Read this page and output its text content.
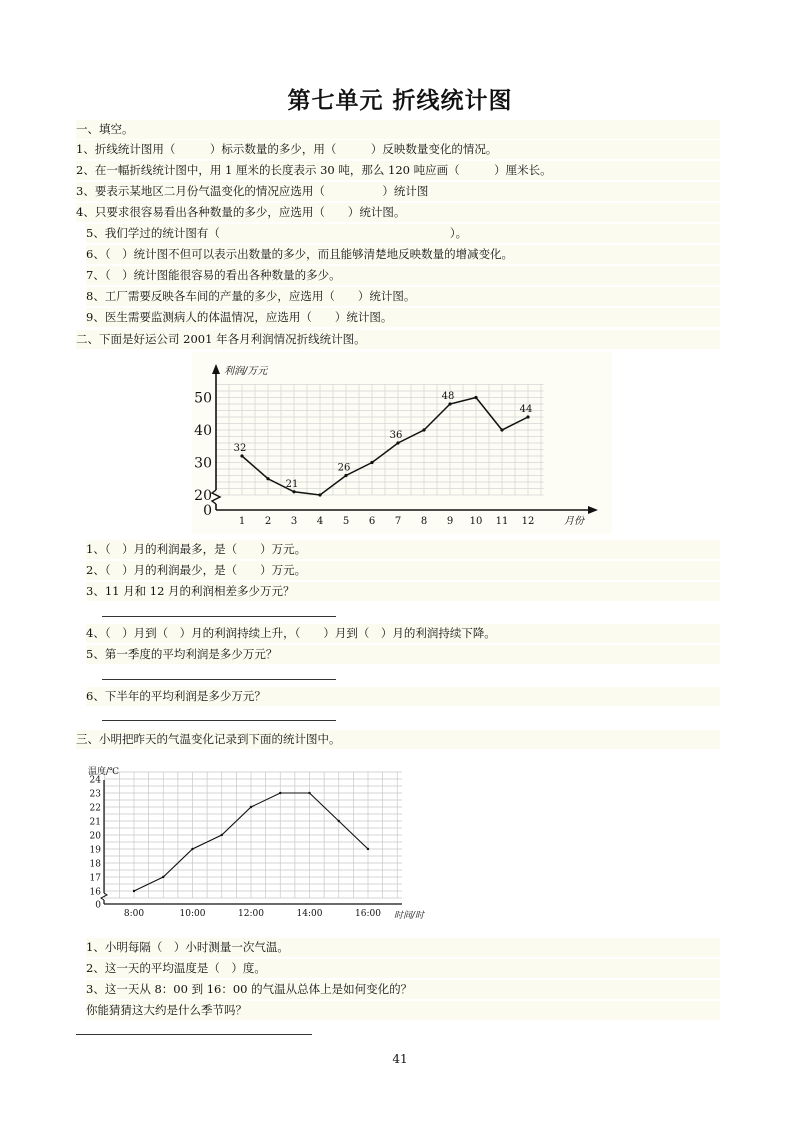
第七单元 折线统计图
一、填空。
1、折线统计图用（　　　）标示数量的多少，用（　　　）反映数量变化的情况。
2、在一幅折线统计图中，用 1 厘米的长度表示 30 吨，那么 120 吨应画（　　　）厘米长。
3、要表示某地区二月份气温变化的情况应选用（　　　　　）统计图
4、只要求很容易看出各种数量的多少，应选用（　　）统计图。
5、我们学过的统计图有（　　　　　　　　　　　　　　　　　　　　）。
6、（　）统计图不但可以表示出数量的多少，而且能够清楚地反映数量的增减变化。
7、（　）统计图能很容易的看出各种数量的多少。
8、工厂需要反映各车间的产量的多少，应选用（　　）统计图。
9、医生需要监测病人的体温情况，应选用（　　）统计图。
二、下面是好运公司 2001 年各月利润情况折线统计图。
0
20
30
40
50
1 2 3 4 5 6 7 8 9 10 11 12
32
21
26
36
48
44
利润/万元
月份
1、（　）月的利润最多，是（　　）万元。
2、（　）月的利润最少，是（　　）万元。
3、11 月和 12 月的利润相差多少万元？
4、（　）月到（　）月的利润持续上升，（　　）月到（　）月的利润持续下降。
5、第一季度的平均利润是多少万元？
6、下半年的平均利润是多少万元？
三、小明把昨天的气温变化记录到下面的统计图中。
0
16
17
18
19
20
21
22
23
24
8:00	10:00	12:00	14:00	16:00
温度/℃
时间/时
1、小明每隔（　）小时测量一次气温。
2、这一天的平均温度是（　）度。
3、这一天从 8：00 到 16：00 的气温从总体上是如何变化的？
你能猜猜这大约是什么季节吗？
41
